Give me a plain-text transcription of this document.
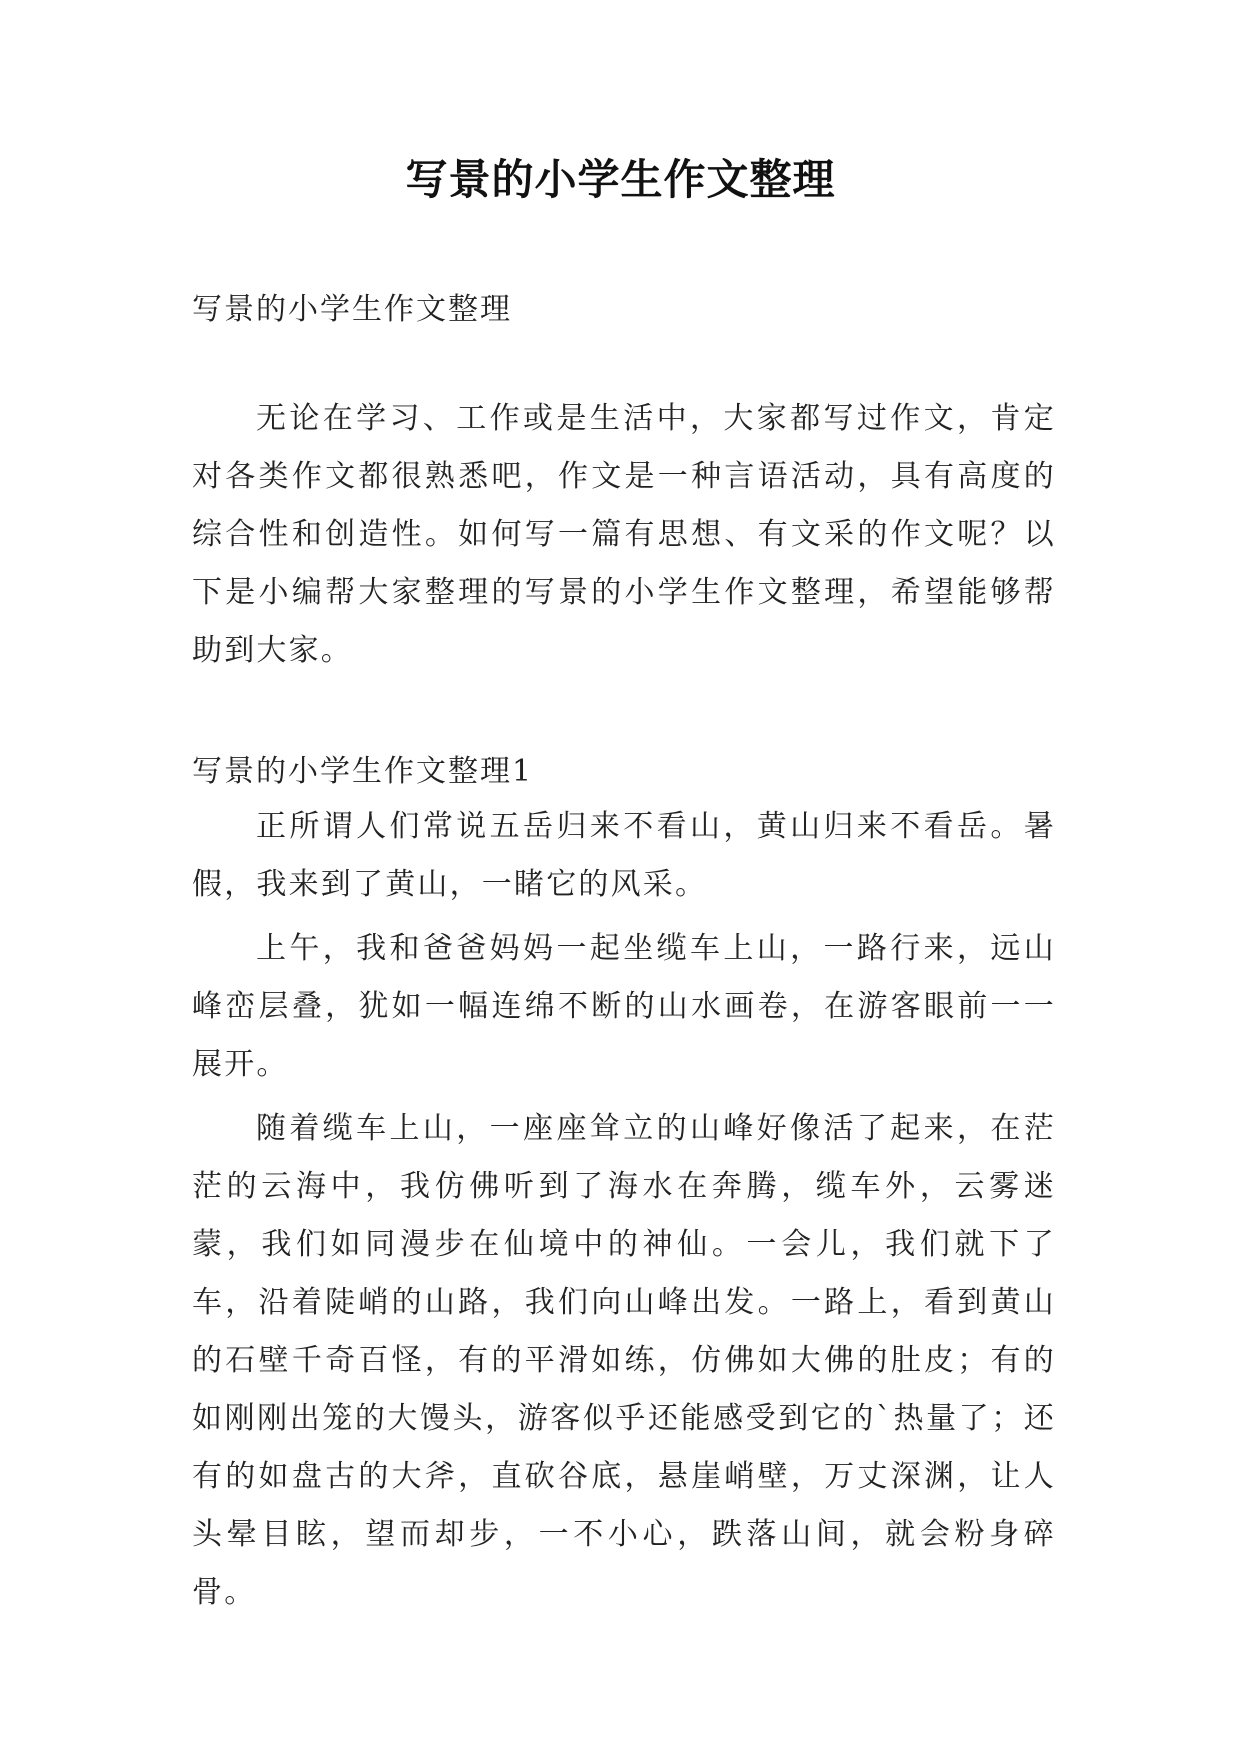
写景的小学生作文整理

写景的小学生作文整理

无论在学习、工作或是生活中，大家都写过作文，肯定对各类作文都很熟悉吧，作文是一种言语活动，具有高度的综合性和创造性。如何写一篇有思想、有文采的作文呢？以下是小编帮大家整理的写景的小学生作文整理，希望能够帮助到大家。

写景的小学生作文整理1

正所谓人们常说五岳归来不看山，黄山归来不看岳。暑假，我来到了黄山，一睹它的风采。

上午，我和爸爸妈妈一起坐缆车上山，一路行来，远山峰峦层叠，犹如一幅连绵不断的山水画卷，在游客眼前一一展开。

随着缆车上山，一座座耸立的山峰好像活了起来，在茫茫的云海中，我仿佛听到了海水在奔腾，缆车外，云雾迷蒙，我们如同漫步在仙境中的神仙。一会儿，我们就下了车，沿着陡峭的山路，我们向山峰出发。一路上，看到黄山的石壁千奇百怪，有的平滑如练，仿佛如大佛的肚皮；有的如刚刚出笼的大馒头，游客似乎还能感受到它的`热量了；还有的如盘古的大斧，直砍谷底，悬崖峭壁，万丈深渊，让人头晕目眩，望而却步，一不小心，跌落山间，就会粉身碎骨。
